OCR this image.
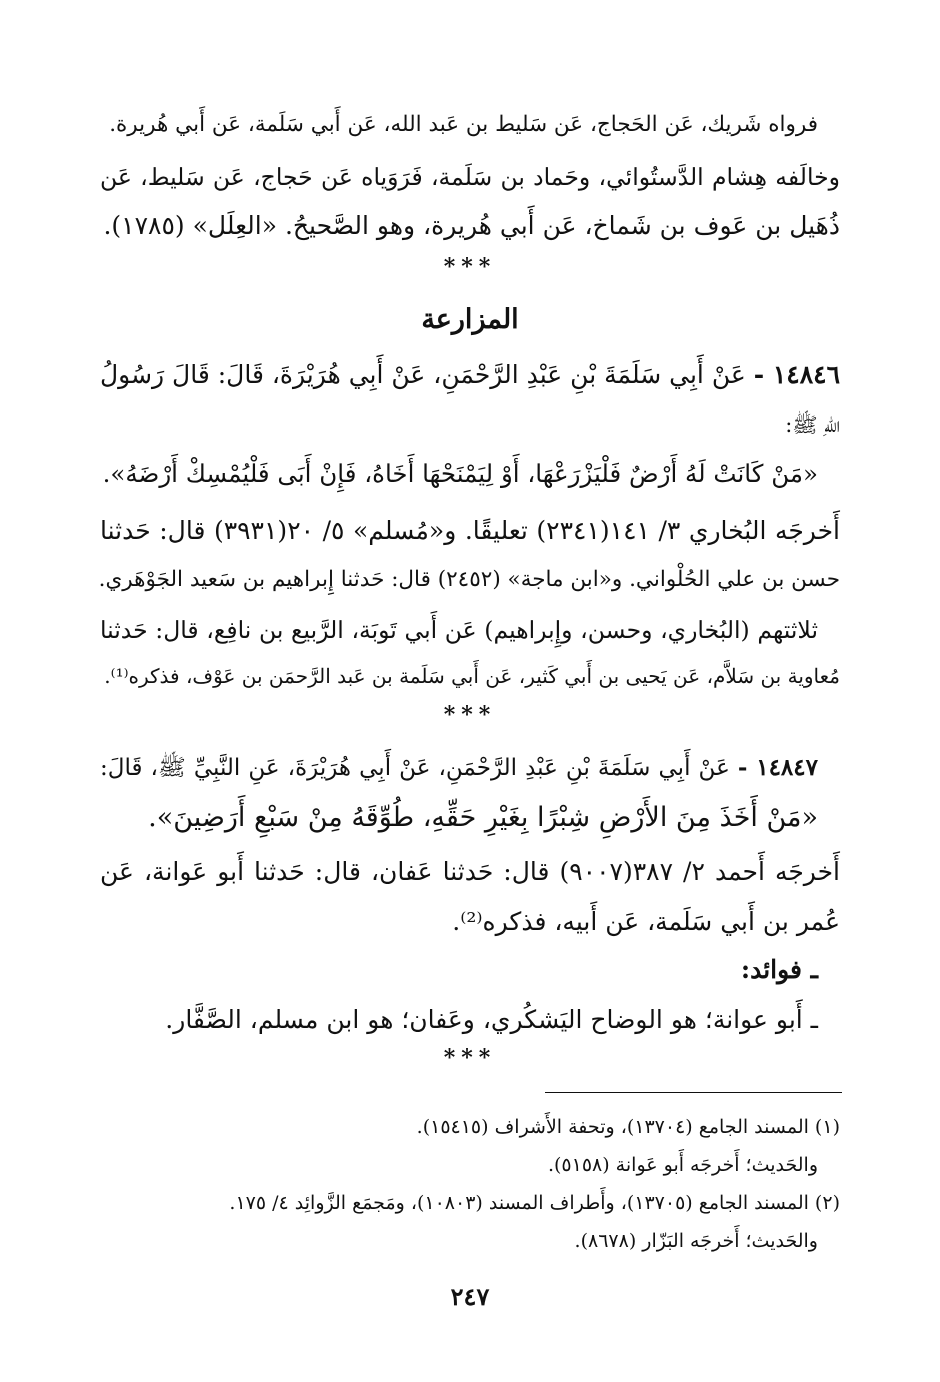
فرواه شَريك، عَن الحَجاج، عَن سَليط بن عَبد الله، عَن أَبي سَلَمة، عَن أَبي هُريرة.
وخالَفه هِشام الدَّستُوائي، وحَماد بن سَلَمة، فَرَوَياه عَن حَجاج، عَن سَليط، عَن
ذُهَيل بن عَوف بن شَماخ، عَن أَبي هُريرة، وهو الصَّحيحُ. «العِلَل» (١٧٨٥).
***
المزارعة
١٤٨٤٦ - عَنْ أَبِي سَلَمَةَ بْنِ عَبْدِ الرَّحْمَنِ، عَنْ أَبِي هُرَيْرَةَ، قَالَ: قَالَ رَسُولُ
اللهِ ﷺ:
«مَنْ كَانَتْ لَهُ أَرْضٌ فَلْيَزْرَعْهَا، أَوْ لِيَمْنَحْهَا أَخَاهُ، فَإِنْ أَبَى فَلْيُمْسِكْ أَرْضَهُ».
أَخرجَه البُخاري ٣/ ١٤١(٢٣٤١) تعليقًا. و«مُسلم» ٥/ ٢٠(٣٩٣١) قال: حَدثنا
حسن بن علي الحُلْواني. و«ابن ماجة» (٢٤٥٢) قال: حَدثنا إِبراهيم بن سَعيد الجَوْهَري.
ثلاثتهم (البُخاري، وحسن، وإِبراهيم) عَن أَبي تَوبَة، الرَّبيع بن نافِع، قال: حَدثنا
مُعاوية بن سَلاَّم، عَن يَحيى بن أَبي كَثير، عَن أَبي سَلَمة بن عَبد الرَّحمَن بن عَوْف، فذكره⁽¹⁾.
***
١٤٨٤٧ - عَنْ أَبِي سَلَمَةَ بْنِ عَبْدِ الرَّحْمَنِ، عَنْ أَبِي هُرَيْرَةَ، عَنِ النَّبِيِّ ﷺ، قَالَ:
«مَنْ أَخَذَ مِنَ الأَرْضِ شِبْرًا بِغَيْرِ حَقِّهِ، طُوِّقَهُ مِنْ سَبْعِ أَرَضِينَ».
أَخرجَه أَحمد ٢/ ٣٨٧(٩٠٠٧) قال: حَدثنا عَفان، قال: حَدثنا أَبو عَوانة، عَن
عُمر بن أَبي سَلَمة، عَن أَبيه، فذكره⁽²⁾.
ـ فوائد:
ـ أَبو عوانة؛ هو الوضاح اليَشكُري، وعَفان؛ هو ابن مسلم، الصَّفَّار.
***
(١) المسند الجامع (١٣٧٠٤)، وتحفة الأَشراف (١٥٤١٥).
والحَديث؛ أَخرجَه أَبو عَوانة (٥١٥٨).
(٢) المسند الجامع (١٣٧٠٥)، وأَطراف المسند (١٠٨٠٣)، ومَجمَع الزَّوائِد ٤/ ١٧٥.
والحَديث؛ أَخرجَه البَزّار (٨٦٧٨).
٢٤٧
